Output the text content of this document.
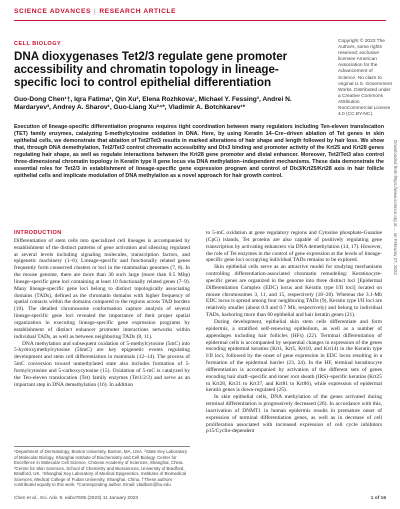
SCIENCE ADVANCES | RESEARCH ARTICLE
CELL BIOLOGY
DNA dioxygenases Tet2/3 regulate gene promoter accessibility and chromatin topology in lineage-specific loci to control epithelial differentiation
Guo-Dong Chen¹†, Iqra Fatima¹, Qin Xu², Elena Rozhkova¹, Michael Y. Fessing³, Andrei N. Mardaryev³, Andrey A. Sharov¹, Guo-Liang Xu²⁴*, Vladimir A. Botchkarev¹*
Copyright © 2023 The Authors, some rights reserved; exclusive licensee American Association for the Advancement of Science. No claim to original U.S. Government Works. Distributed under a Creative Commons Attribution NonCommercial License 4.0 (CC BY-NC).
Execution of lineage-specific differentiation programs requires tight coordination between many regulators including Ten-eleven translocation (TET) family enzymes, catalyzing 5-methylcytosine oxidation in DNA. Here, by using Keratin 14–Cre–driven ablation of Tet genes in skin epithelial cells, we demonstrate that ablation of Tet2/Tet3 results in marked alterations of hair shape and length followed by hair loss. We show that, through DNA demethylation, Tet2/Tet3 control chromatin accessibility and Dlx3 binding and promoter activity of the Krt25 and Krt28 genes regulating hair shape, as well as regulate interactions between the Krt28 gene promoter and distal enhancer. Moreover, Tet2/Tet3 also control three-dimensional chromatin topology in Keratin type II gene locus via DNA methylation–independent mechanisms. These data demonstrate the essential roles for Tet2/3 in establishment of lineage-specific gene expression program and control of Dlx3/Krt25/Krt28 axis in hair follicle epithelial cells and implicate modulation of DNA methylation as a novel approach for hair growth control.
INTRODUCTION

Differentiation of stem cells into specialized cell lineages is accompanied by establishment of the distinct patterns of gene activation and silencing regulated at several levels including signaling molecules, transcription factors, and epigenetic machinery (1–6). Lineage-specific and functionally related genes frequently form conserved clusters or loci in the mammalian genomes (7, 8). In the mouse genome, there are more than 30 such large (more than 0.5 Mbp) lineage-specific gene loci containing at least 10 functionally related genes (7–9). Many lineage-specific gene loci belong to distinct topologically associating domains (TADs), defined as the chromatin domains with higher frequency of spatial contacts within the domains compared to the regions across TAD borders (10). The detailed chromosome conformation capture analysis of several lineage-specific gene loci revealed the importance of their proper spatial organization in executing lineage-specific gene expression programs by establishment of distinct enhancer promoter interactions networks within individual TADs, as well as between neighboring TADs (8, 11).

DNA methylation and subsequent oxidation of 5-methylcytosine (5mC) into 5-hydroxymethylcytosine (5hmC) are key epigenetic events regulating development and stem cell differentiation in mammals (12–14). The process of 5mC conversion toward unmethylated state also includes formation of 5-formylcytosine and 5-carboxycytosine (15). Oxidation of 5-mC is catalyzed by the Ten-eleven translocation (Tet) family enzymes (Tet1/2/3) and serve as an important step in DNA demethylation (16). In addition

to 5-mC oxidation at gene regulatory regions and Cytosine phosphate-Guanine (CpG) islands, Tet proteins are also capable of positively regulating gene transcription by activating enhancers via DNA demethylation (14, 17). However, the role of Tet enzymes in the control of gene expression at the levels of lineage-specific gene loci occupying individual TADs remains to be explored.

Skin epithelial cells serve as an attractive model for studying mechanisms controlling differentiation-associated chromatin remodeling: Keratinocyte-specific genes are organized in the genome into three distinct loci [Epidermal Differentiation Complex (EDC) locus and Keratin type I/II loci] located on mouse chromosomes 3, 11, and 15, respectively (18–20). Whereas the 3.1-Mb EDC locus is spread among four neighboring TADs (9), Keratin type I/II loci are relatively smaller (about 0.9 and 0.7 Mb, respectively) and belong to individual TADs, harboring more than 60 epithelial and hair keratin genes (21).

During development, epithelial skin stem cells differentiate and form epidermis, a stratified self-renewing epithelium, as well as a number of appendages including hair follicles (HFs) (22). Terminal differentiation of epidermal cells is accompanied by sequential changes in expression of the genes encoding epidermal keratins (Krt1, Krt5, Krt10, and Krt14) in the Keratin type I/II loci, followed by the onset of gene expression in EDC locus resulting in a formation of the epidermal barrier (23, 24). In the HF, terminal keratinocyte differentiation is accompanied by activation of the different sets of genes encoding hair shaft–specific and inner root sheath (IRS)–specific keratins (Krt25 to Krt28, Krt31 to Krt37, and Krt81 to Krt86), while expression of epidermal keratin genes is down-regulated (25).

In skin epithelial cells, DNA methylation of the genes activated during terminal differentiation is progressively decreased (26). In accordance with this, inactivation of DNMT1 in human epidermis results in premature onset of expression of terminal differentiation genes, as well as in decrease of cell proliferation associated with increased expression of cell cycle inhibitors p15/Cyclin-dependent

¹Department of Dermatology, Boston University, Boston, MA, USA. ²State Key Laboratory of Molecular Biology, Shanghai Institute of Biochemistry and Cell Biology, Center for Excellence in Molecular Cell Science, Chinese Academy of Sciences, Shanghai, China. ³Centre for Skin Sciences, School of Chemistry and Biosciences, University of Bradford, Bradford, UK. ⁴Shanghai Key Laboratory of Medical Epigenetics, Institutes of Biomedical Sciences, Medical College of Fudan University, Shanghai, China. †These authors contributed equally to this work. *Corresponding author. Email: vladbotc@bu.edu
Chen et al., Sci. Adv. 9, eabo7605 (2023) 11 January 2023	1 of 16
Downloaded from https://www.science.org at ... on February 27, 2023
